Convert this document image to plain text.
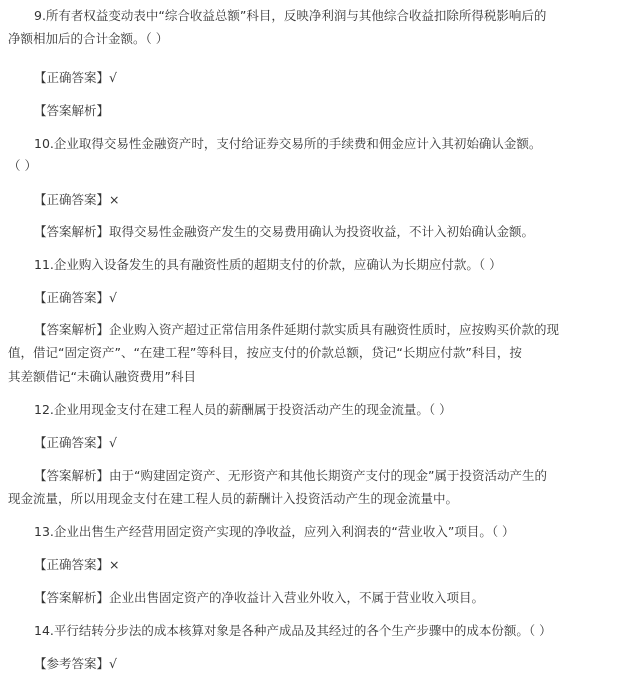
9.所有者权益变动表中“综合收益总额”科目，反映净利润与其他综合收益扣除所得税影响后的
净额相加后的合计金额。（ ）
【正确答案】√
【答案解析】
10.企业取得交易性金融资产时，支付给证券交易所的手续费和佣金应计入其初始确认金额。
（ ）
【正确答案】×
【答案解析】取得交易性金融资产发生的交易费用确认为投资收益，不计入初始确认金额。
11.企业购入设备发生的具有融资性质的超期支付的价款，应确认为长期应付款。（ ）
【正确答案】√
【答案解析】企业购入资产超过正常信用条件延期付款实质具有融资性质时，应按购买价款的现
值，借记“固定资产”、“在建工程”等科目，按应支付的价款总额，贷记“长期应付款”科目，按
其差额借记“未确认融资费用”科目
12.企业用现金支付在建工程人员的薪酬属于投资活动产生的现金流量。（ ）
【正确答案】√
【答案解析】由于“购建固定资产、无形资产和其他长期资产支付的现金”属于投资活动产生的
现金流量，所以用现金支付在建工程人员的薪酬计入投资活动产生的现金流量中。
13.企业出售生产经营用固定资产实现的净收益，应列入利润表的“营业收入”项目。（ ）
【正确答案】×
【答案解析】企业出售固定资产的净收益计入营业外收入，不属于营业收入项目。
14.平行结转分步法的成本核算对象是各种产成品及其经过的各个生产步骤中的成本份额。（ ）
【参考答案】√
